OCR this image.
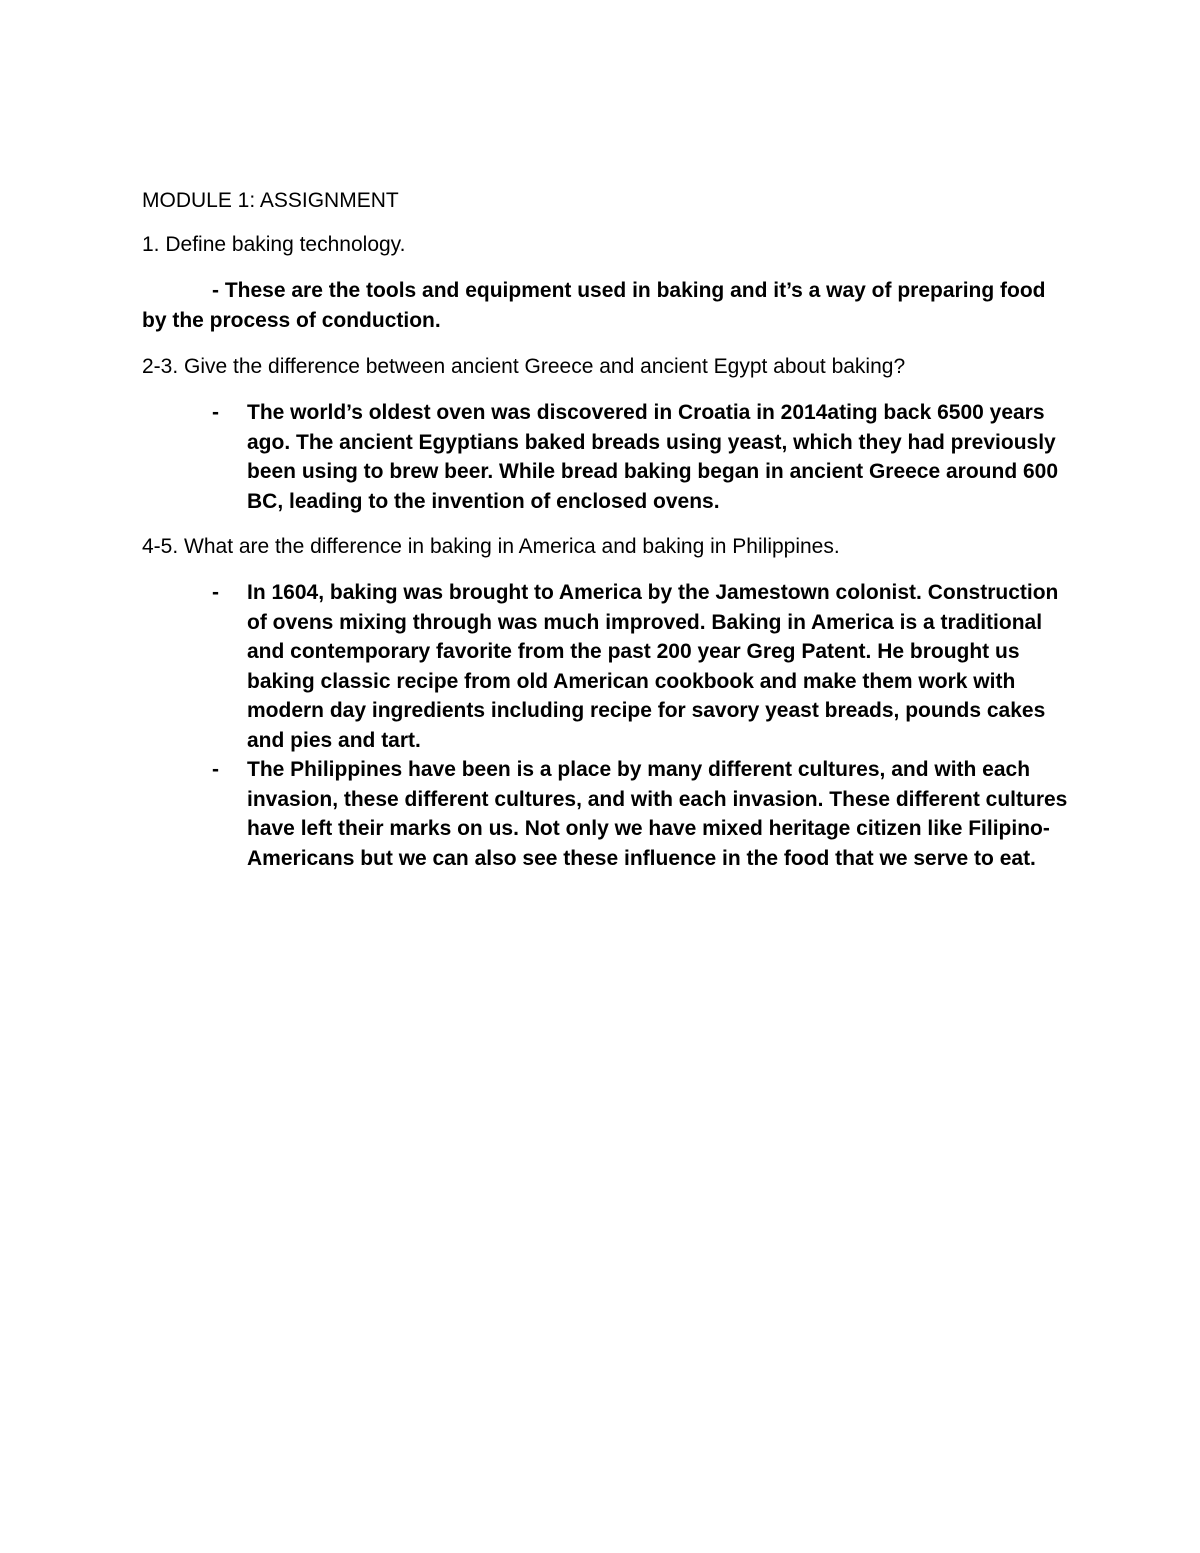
MODULE 1: ASSIGNMENT

1. Define baking technology.

- These are the tools and equipment used in baking and it’s a way of preparing food by the process of conduction.

2-3. Give the difference between ancient Greece and ancient Egypt about baking?

- The world’s oldest oven was discovered in Croatia in 2014ating back 6500 years ago. The ancient Egyptians baked breads using yeast, which they had previously been using to brew beer. While bread baking began in ancient Greece around 600 BC, leading to the invention of enclosed ovens.

4-5. What are the difference in baking in America and baking in Philippines.

- In 1604, baking was brought to America by the Jamestown colonist. Construction of ovens mixing through was much improved. Baking in America is a traditional and contemporary favorite from the past 200 year Greg Patent. He brought us baking classic recipe from old American cookbook and make them work with modern day ingredients including recipe for savory yeast breads, pounds cakes and pies and tart.
- The Philippines have been is a place by many different cultures, and with each invasion, these different cultures, and with each invasion. These different cultures have left their marks on us. Not only we have mixed heritage citizen like Filipino-Americans but we can also see these influence in the food that we serve to eat.
